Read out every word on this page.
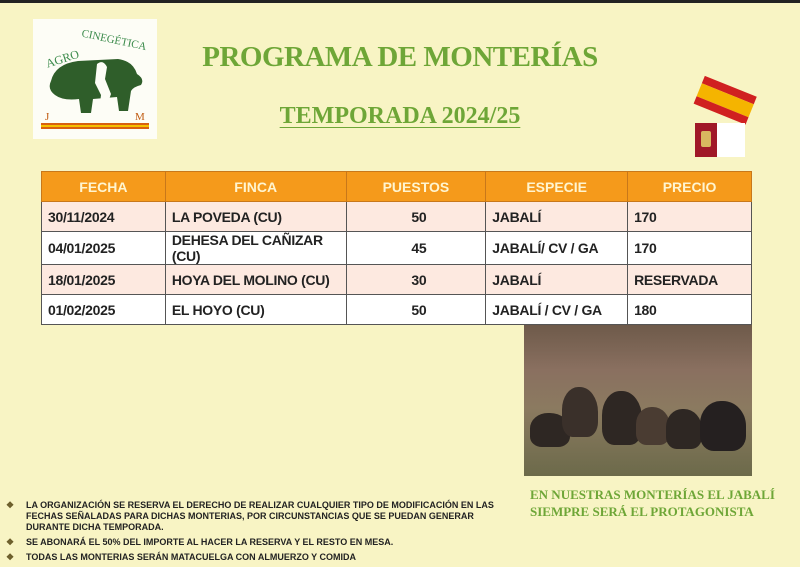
AGRO
CINEGÉTICA
J	M
PROGRAMA DE MONTERÍAS
TEMPORADA 2024/25
FECHA	FINCA	PUESTOS	ESPECIE	PRECIO
30/11/2024	LA POVEDA (CU)	50	JABALÍ	170
04/01/2025	DEHESA DEL CAÑIZAR (CU)	45	JABALÍ/ CV / GA	170
18/01/2025	HOYA DEL MOLINO (CU)	30	JABALÍ	RESERVADA
01/02/2025	EL HOYO (CU)	50	JABALÍ / CV / GA	180
❖ LA ORGANIZACIÓN SE RESERVA EL DERECHO DE REALIZAR CUALQUIER TIPO DE MODIFICACIÓN EN LAS FECHAS SEÑALADAS PARA DICHAS MONTERIAS, POR CIRCUNSTANCIAS QUE SE PUEDAN GENERAR DURANTE DICHA TEMPORADA.
❖ SE ABONARÁ EL 50% DEL IMPORTE AL HACER LA RESERVA Y EL RESTO EN MESA.
❖ TODAS LAS MONTERIAS SERÁN MATACUELGA CON ALMUERZO Y COMIDA
EN NUESTRAS MONTERÍAS EL JABALÍ
SIEMPRE SERÁ EL PROTAGONISTA
